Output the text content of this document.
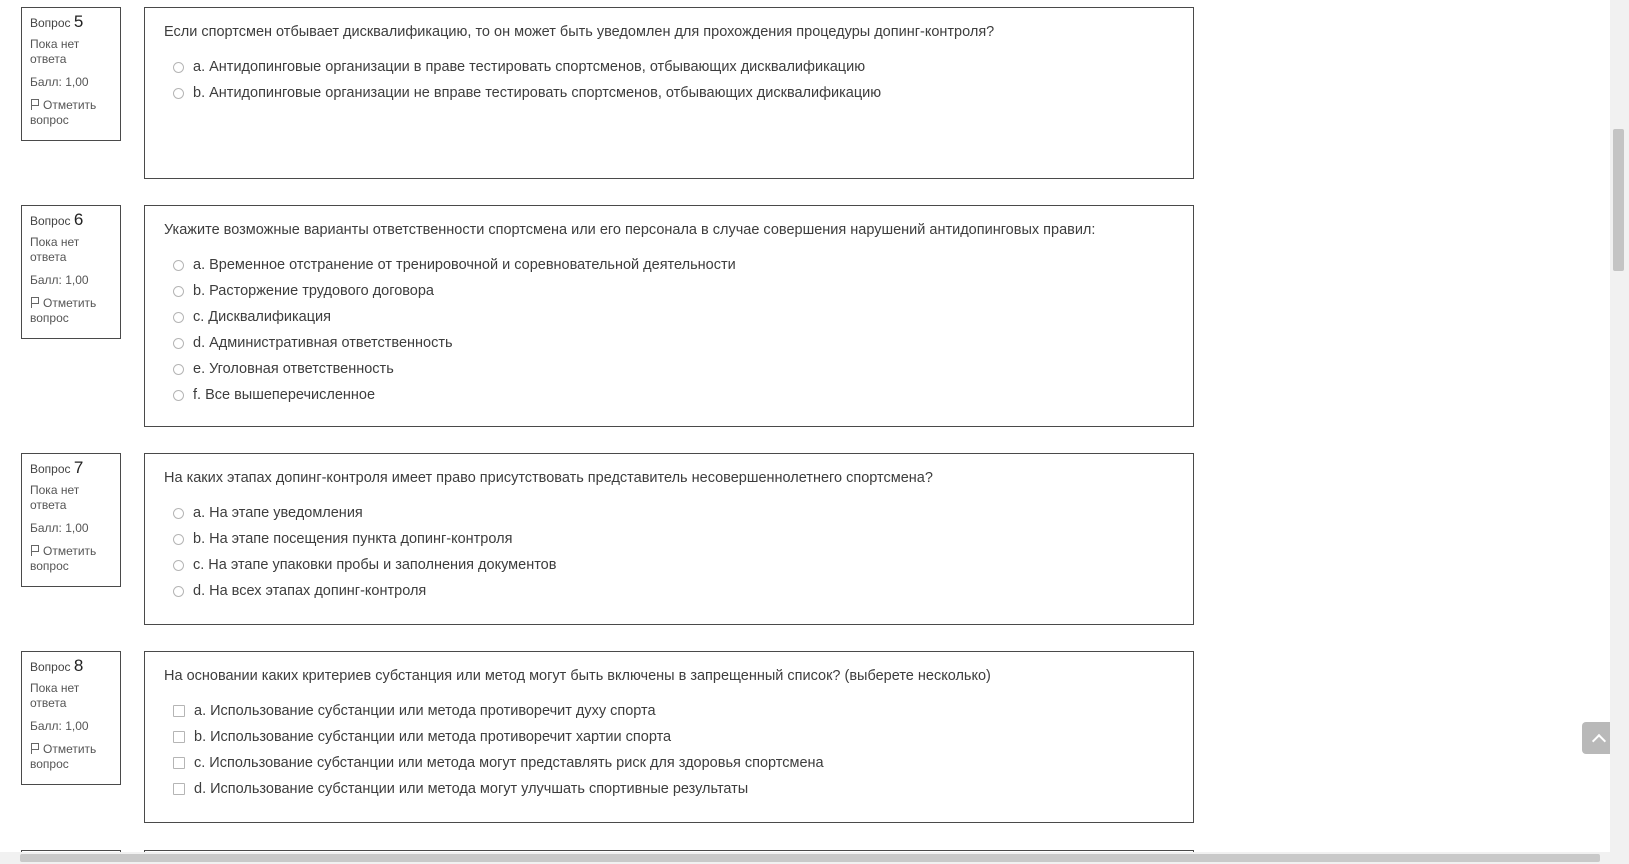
Вопрос 5
Пока нет ответа
Балл: 1,00
Отметить вопрос
Если спортсмен отбывает дисквалификацию, то он может быть уведомлен для прохождения процедуры допинг-контроля?
a. Антидопинговые организации в праве тестировать спортсменов, отбывающих дисквалификацию
b. Антидопинговые организации не вправе тестировать спортсменов, отбывающих дисквалификацию
Вопрос 6
Пока нет ответа
Балл: 1,00
Отметить вопрос
Укажите возможные варианты ответственности спортсмена или его персонала в случае совершения нарушений антидопинговых правил:
a. Временное отстранение от тренировочной и соревновательной деятельности
b. Расторжение трудового договора
c. Дисквалификация
d. Административная ответственность
e. Уголовная ответственность
f. Все вышеперечисленное
Вопрос 7
Пока нет ответа
Балл: 1,00
Отметить вопрос
На каких этапах допинг-контроля имеет право присутствовать представитель несовершеннолетнего спортсмена?
a. На этапе уведомления
b. На этапе посещения пункта допинг-контроля
c. На этапе упаковки пробы и заполнения документов
d. На всех этапах допинг-контроля
Вопрос 8
Пока нет ответа
Балл: 1,00
Отметить вопрос
На основании каких критериев субстанция или метод могут быть включены в запрещенный список? (выберете несколько)
a. Использование субстанции или метода противоречит духу спорта
b. Использование субстанции или метода противоречит хартии спорта
c. Использование субстанции или метода могут представлять риск для здоровья спортсмена
d. Использование субстанции или метода могут улучшать спортивные результаты
